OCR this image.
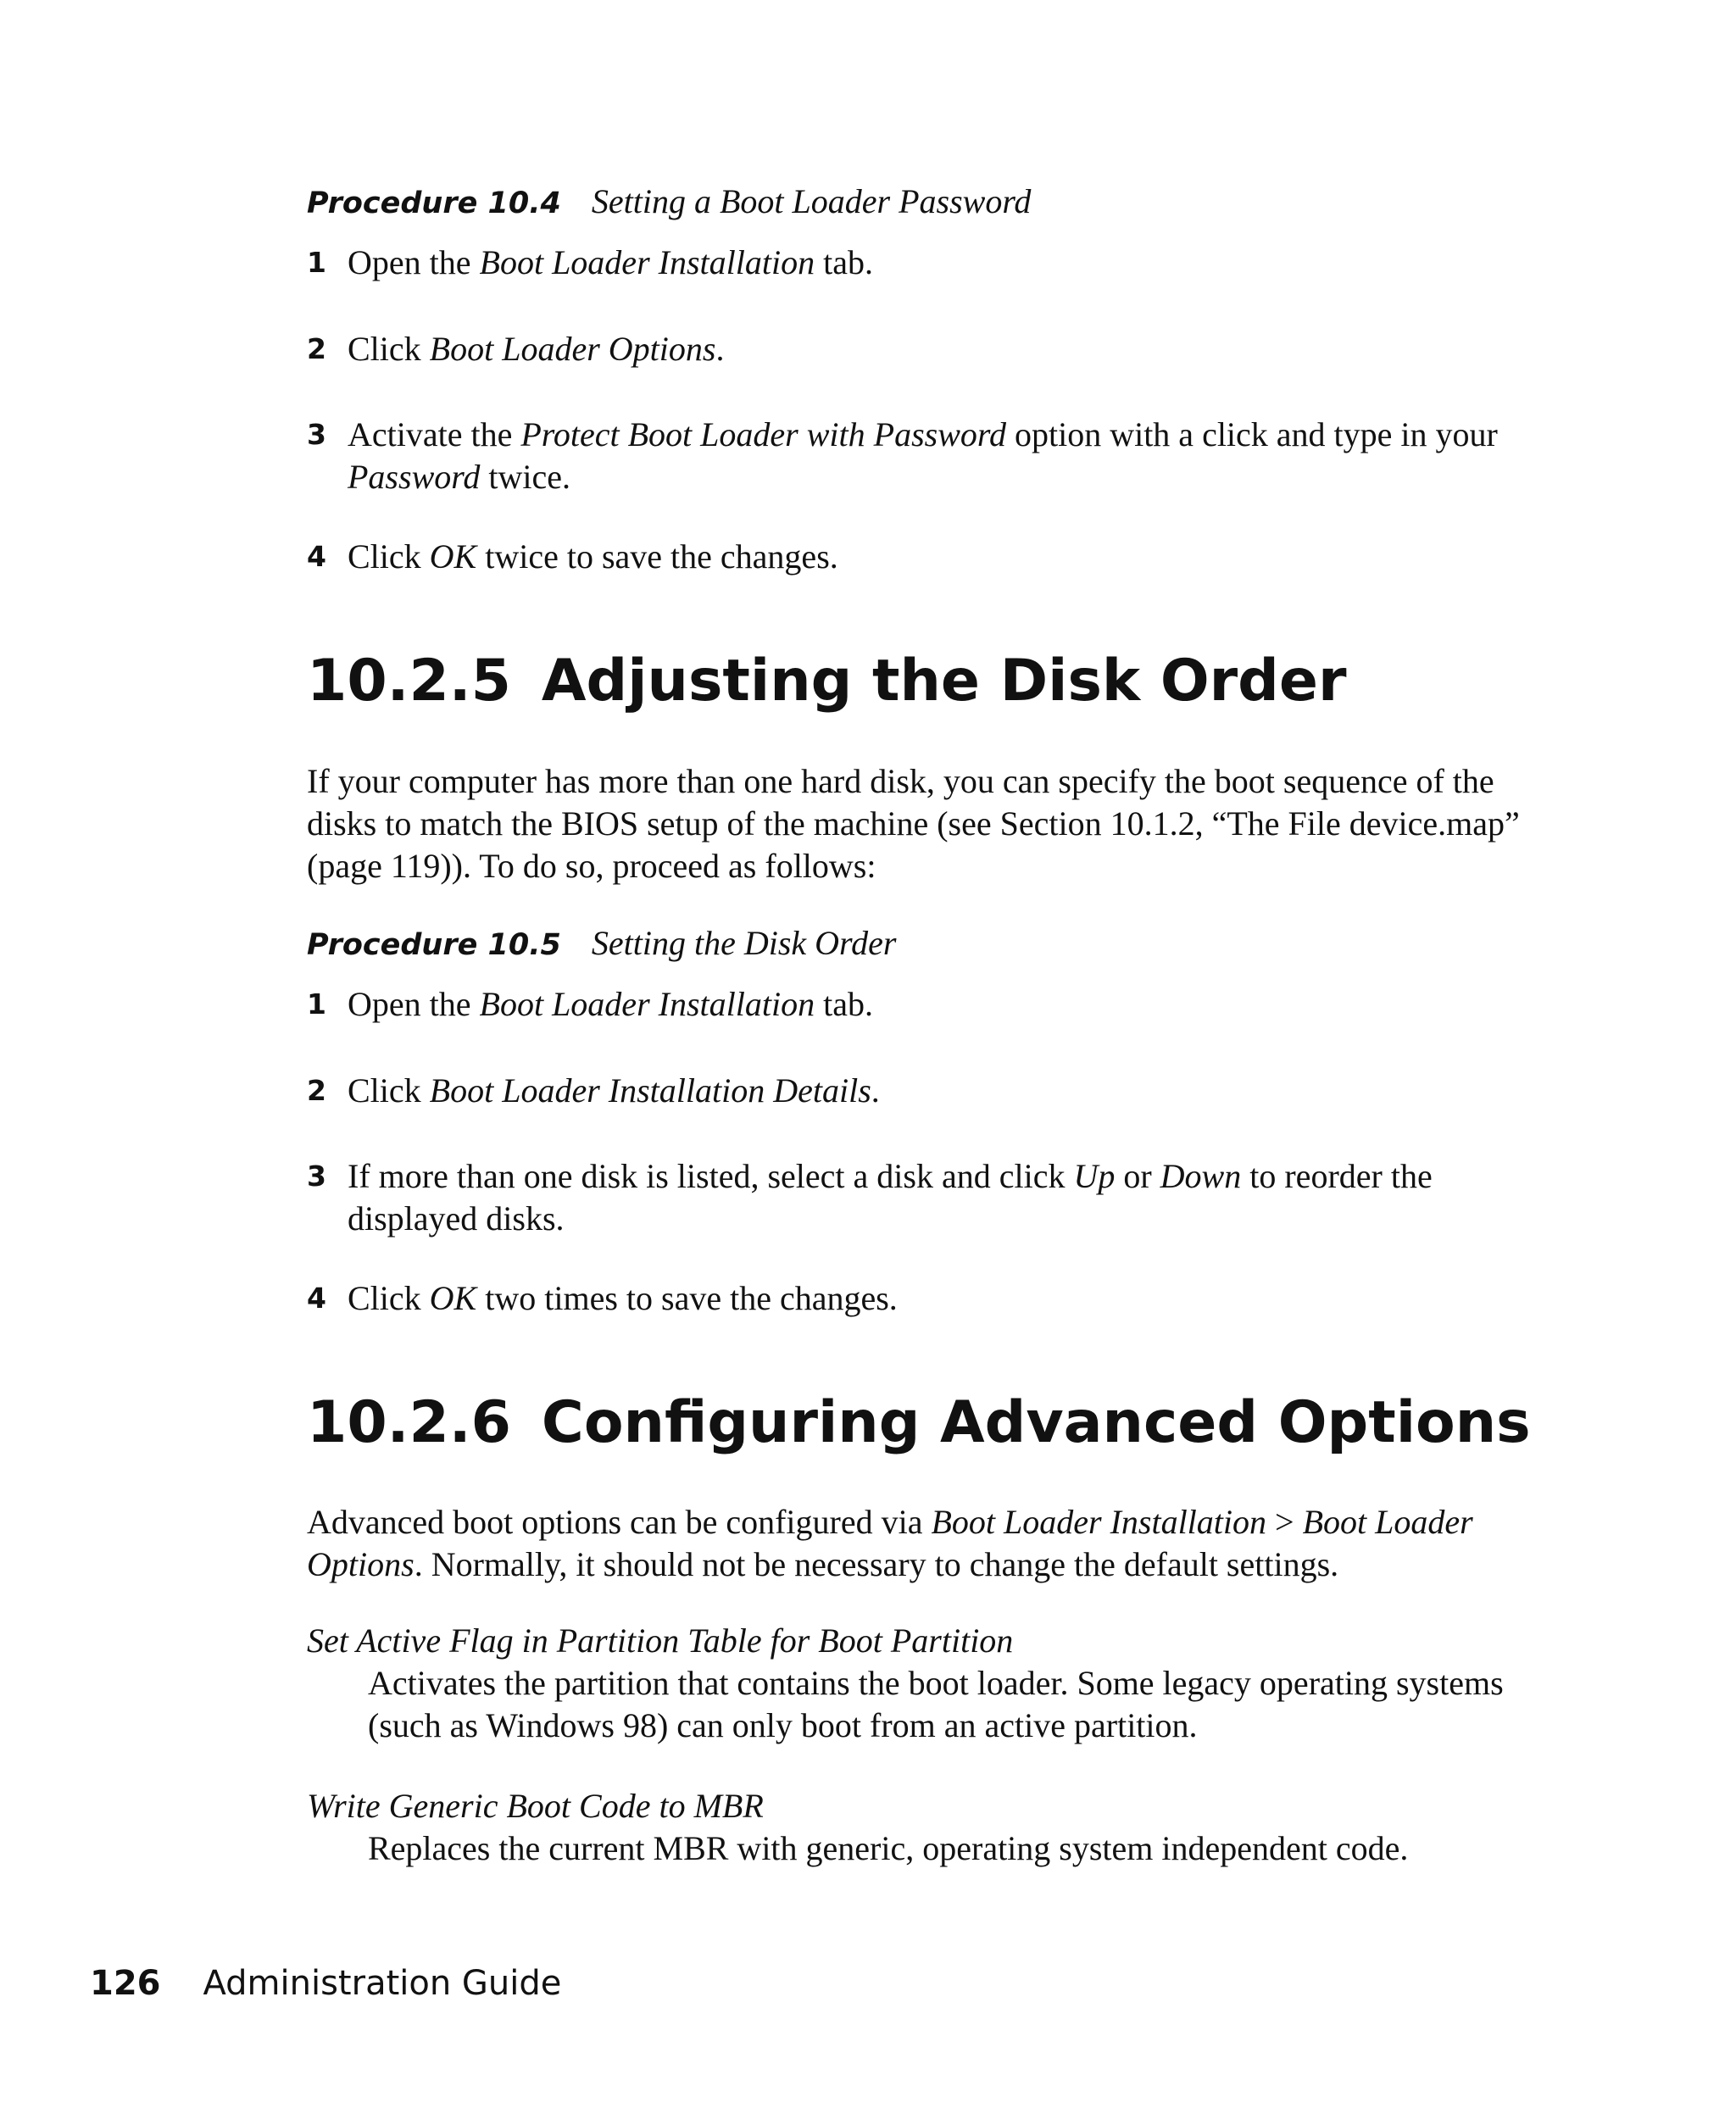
Procedure 10.4 Setting a Boot Loader Password
1 Open the Boot Loader Installation tab.
2 Click Boot Loader Options.
3 Activate the Protect Boot Loader with Password option with a click and type in your Password twice.
4 Click OK twice to save the changes.
10.2.5 Adjusting the Disk Order

If your computer has more than one hard disk, you can specify the boot sequence of the disks to match the BIOS setup of the machine (see Section 10.1.2, “The File device.map” (page 119)). To do so, proceed as follows:

Procedure 10.5 Setting the Disk Order
1 Open the Boot Loader Installation tab.
2 Click Boot Loader Installation Details.
3 If more than one disk is listed, select a disk and click Up or Down to reorder the displayed disks.
4 Click OK two times to save the changes.
10.2.6 Configuring Advanced Options

Advanced boot options can be configured via Boot Loader Installation > Boot Loader Options. Normally, it should not be necessary to change the default settings.

Set Active Flag in Partition Table for Boot Partition

Activates the partition that contains the boot loader. Some legacy operating systems (such as Windows 98) can only boot from an active partition.

Write Generic Boot Code to MBR

Replaces the current MBR with generic, operating system independent code.

126 Administration Guide
